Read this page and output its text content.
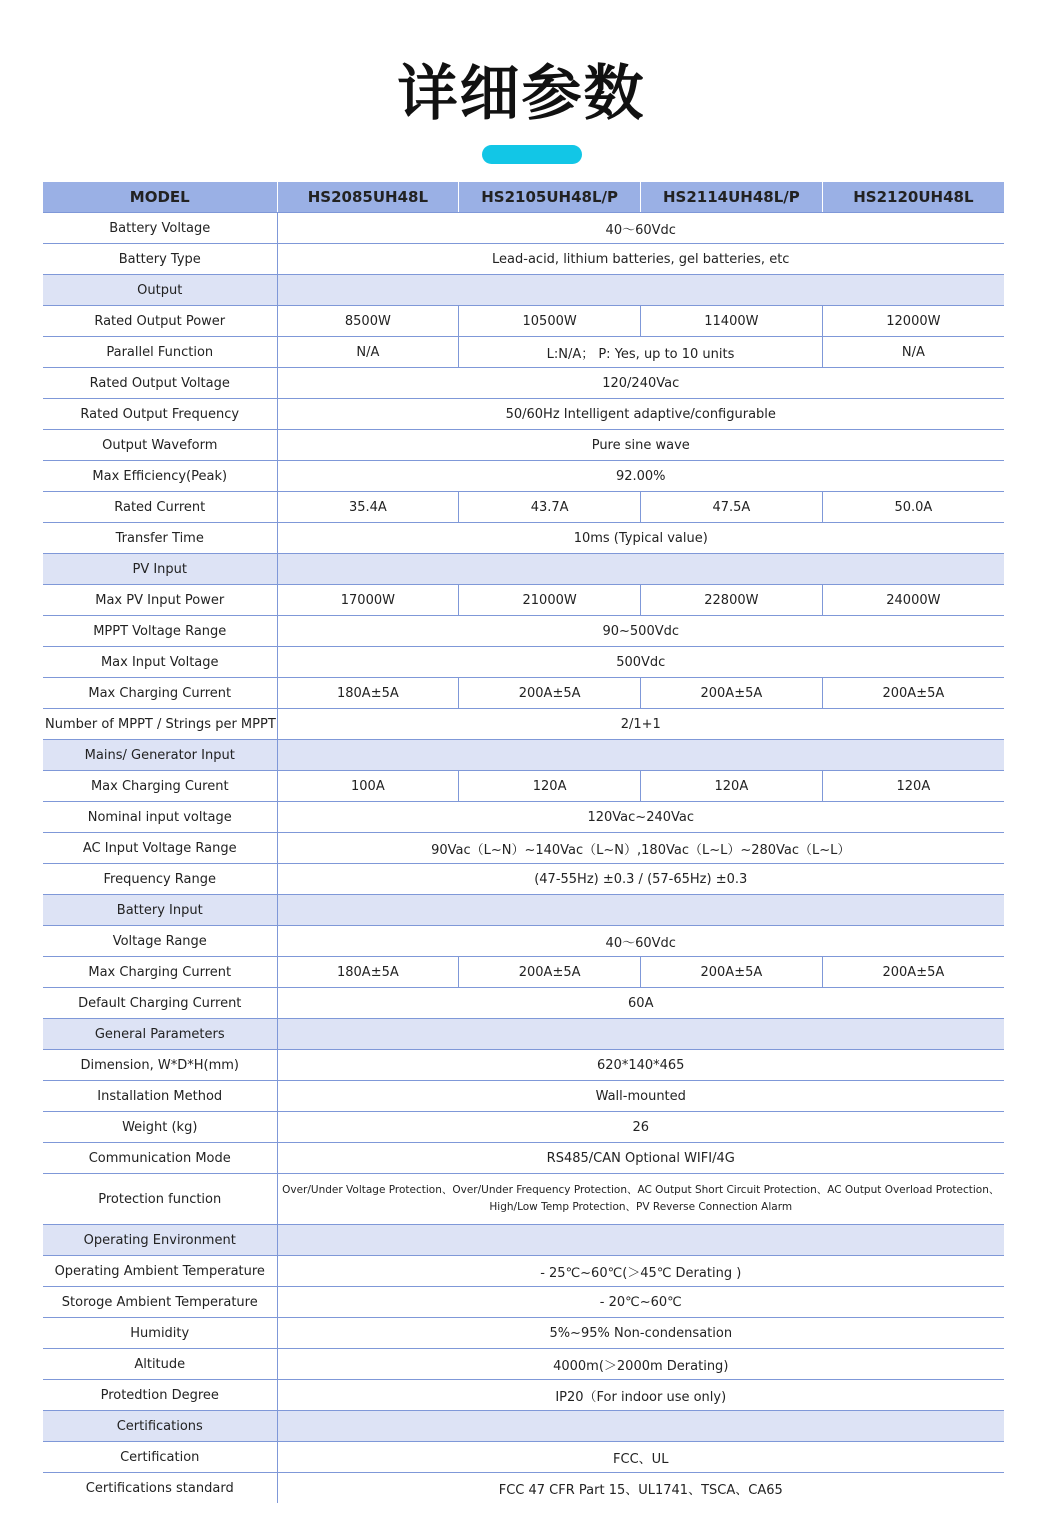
详细参数
MODEL	HS2085UH48L	HS2105UH48L/P	HS2114UH48L/P	HS2120UH48L
Battery Voltage	40～60Vdc			
Battery Type	Lead-acid, lithium batteries, gel batteries, etc			
Output				
Rated Output Power	8500W	10500W	11400W	12000W
Parallel Function	N/A	L:N/A； P: Yes, up to 10 units		N/A
Rated Output Voltage	120/240Vac			
Rated Output Frequency	50/60Hz Intelligent adaptive/configurable			
Output Waveform	Pure sine wave			
Max Efficiency(Peak)	92.00%			
Rated Current	35.4A	43.7A	47.5A	50.0A
Transfer Time	10ms (Typical value)			
PV Input				
Max PV Input Power	17000W	21000W	22800W	24000W
MPPT Voltage Range	90~500Vdc			
Max Input Voltage	500Vdc			
Max Charging Current	180A±5A	200A±5A	200A±5A	200A±5A
Number of MPPT / Strings per MPPT	2/1+1			
Mains/ Generator Input				
Max Charging Curent	100A	120A	120A	120A
Nominal input voltage	120Vac~240Vac			
AC Input Voltage Range	90Vac（L~N）~140Vac（L~N）,180Vac（L~L）~280Vac（L~L）			
Frequency Range	(47-55Hz) ±0.3 / (57-65Hz) ±0.3			
Battery Input				
Voltage Range	40～60Vdc			
Max Charging Current	180A±5A	200A±5A	200A±5A	200A±5A
Default Charging Current	60A			
General Parameters				
Dimension, W*D*H(mm)	620*140*465			
Installation Method	Wall-mounted			
Weight (kg)	26			
Communication Mode	RS485/CAN Optional WIFI/4G			
Protection function	Over/Under Voltage Protection、Over/Under Frequency Protection、AC Output Short Circuit Protection、AC Output Overload Protection、High/Low Temp Protection、PV Reverse Connection Alarm			
Operating Environment				
Operating Ambient Temperature	- 25℃~60℃(＞45℃ Derating )			
Storoge Ambient Temperature	- 20℃~60℃			
Humidity	5%~95% Non-condensation			
Altitude	4000m(＞2000m Derating)			
Protedtion Degree	IP20（For indoor use only)			
Certifications				
Certification	FCC、UL			
Certifications standard	FCC 47 CFR Part 15、UL1741、TSCA、CA65			
